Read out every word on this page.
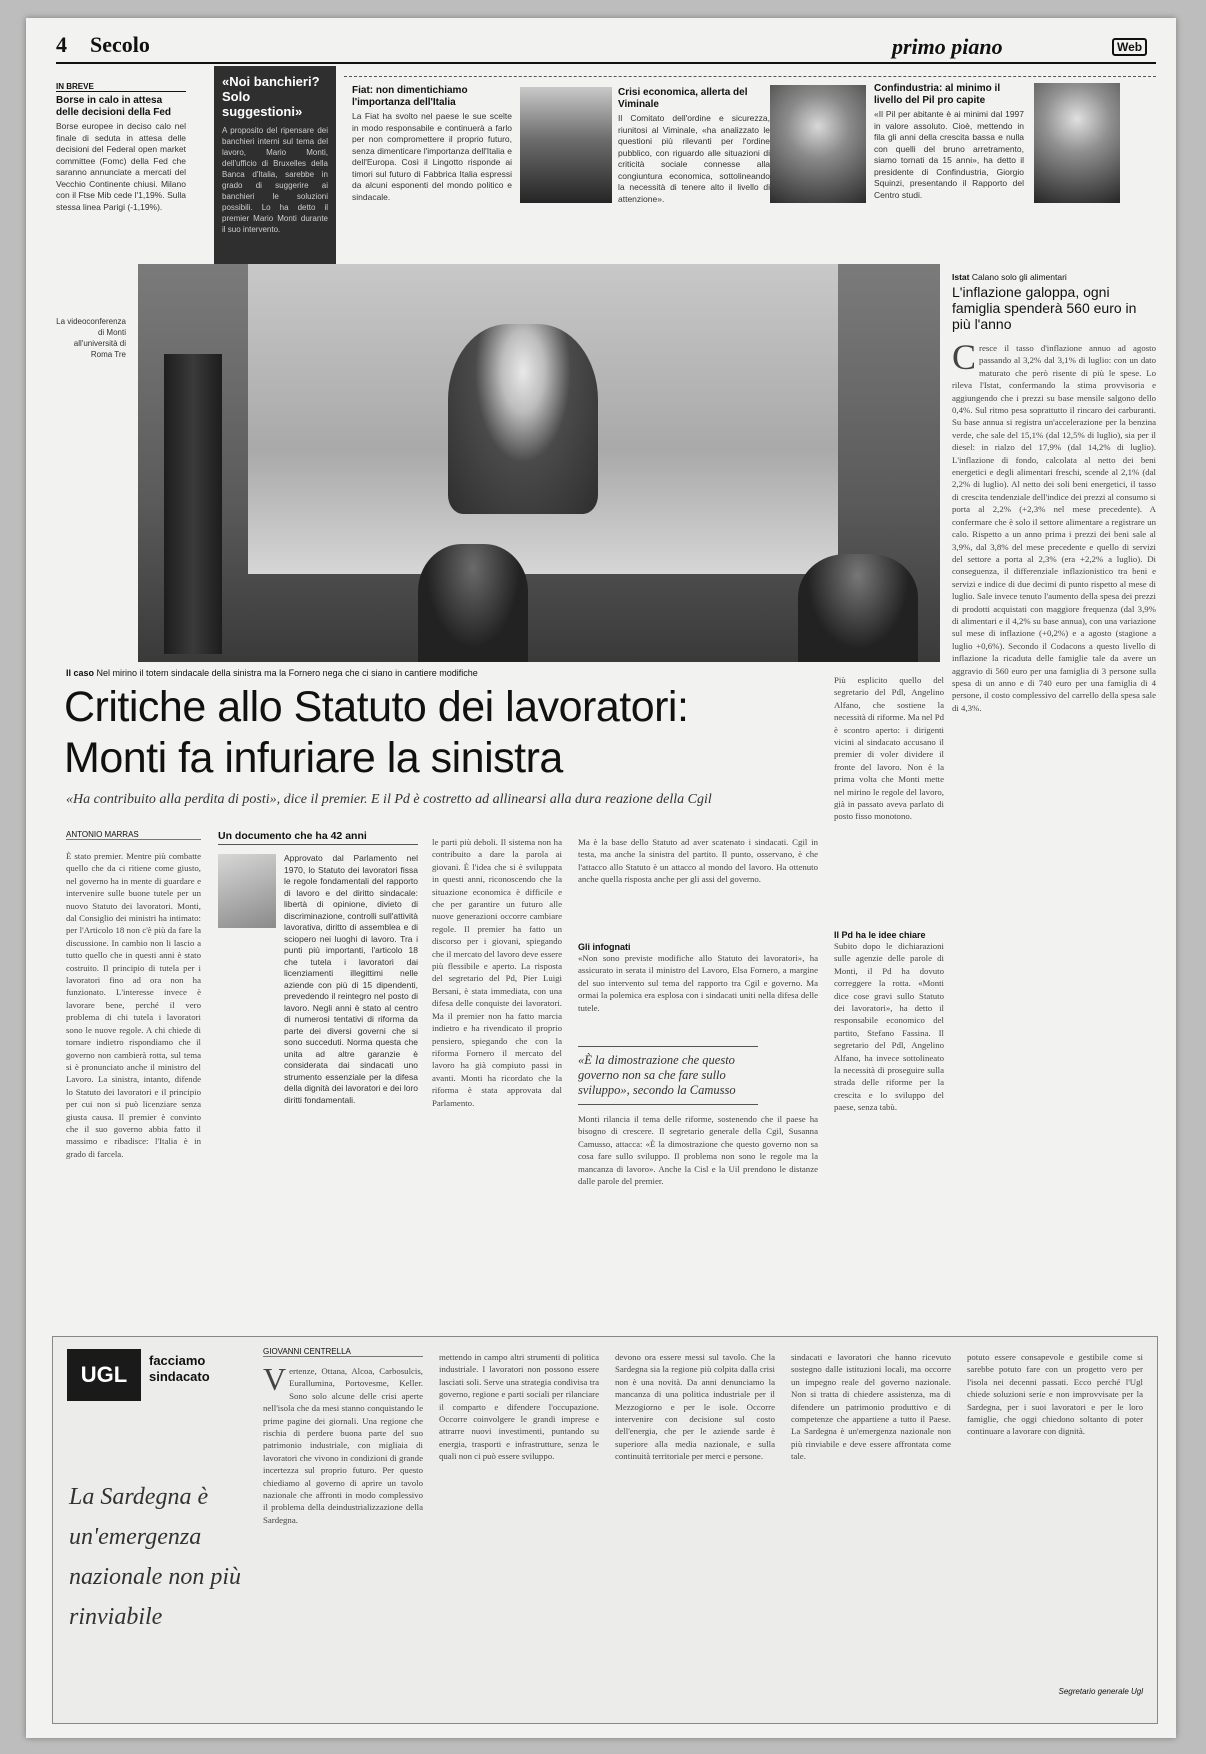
4 Secolo	primo piano	Web
IN BREVE
Borse in calo in attesa delle decisioni della Fed
Borse europee in deciso calo nel finale di seduta in attesa delle decisioni del Federal open market committee (Fomc) della Fed che saranno annunciate a mercati del Vecchio Continente chiusi. Milano con il Ftse Mib cede l'1,19%. Sulla stessa linea Parigi (-1,19%).
«Noi banchieri? Solo suggestioni»
A proposito del ripensare dei banchieri interni sul tema del lavoro, Mario Monti, dell'ufficio di Bruxelles della Banca d'Italia, sarebbe in grado di suggerire ai banchieri le soluzioni possibili. Lo ha detto il premier Mario Monti durante il suo intervento.
Fiat: non dimentichiamo l'importanza dell'Italia
La Fiat ha svolto nel paese le sue scelte in modo responsabile e continuerà a farlo per non compromettere il proprio futuro, senza dimenticare l'importanza dell'Italia e dell'Europa. Così il Lingotto risponde ai timori sul futuro di Fabbrica Italia espressi da alcuni esponenti del mondo politico e sindacale.
Crisi economica, allerta del Viminale
Il Comitato dell'ordine e sicurezza, riunitosi al Viminale, «ha analizzato le questioni più rilevanti per l'ordine pubblico, con riguardo alle situazioni di criticità sociale connesse alla congiuntura economica, sottolineando la necessità di tenere alto il livello di attenzione».
Confindustria: al minimo il livello del Pil pro capite
«Il Pil per abitante è ai minimi dal 1997 in valore assoluto. Cioè, mettendo in fila gli anni della crescita bassa e nulla con quelli del bruno arretramento, siamo tornati da 15 anni», ha detto il presidente di Confindustria, Giorgio Squinzi, presentando il Rapporto del Centro studi.
La videoconferenza di Monti all'università di Roma Tre
Istat Calano solo gli alimentari
L'inflazione galoppa, ogni famiglia spenderà 560 euro in più l'anno
C resce il tasso d'inflazione annuo ad agosto passando al 3,2% dal 3,1% di luglio: con un dato maturato che però risente di più le spese. Lo rileva l'Istat, confermando la stima provvisoria e aggiungendo che i prezzi su base mensile salgono dello 0,4%. Sul ritmo pesa soprattutto il rincaro dei carburanti. Su base annua si registra un'accelerazione per la benzina verde, che sale del 15,1% (dal 12,5% di luglio), sia per il diesel: in rialzo del 17,9% (dal 14,2% di luglio). L'inflazione di fondo, calcolata al netto dei beni energetici e degli alimentari freschi, scende al 2,1% (dal 2,2% di luglio). Al netto dei soli beni energetici, il tasso di crescita tendenziale dell'indice dei prezzi al consumo si porta al 2,2% (+2,3% nel mese precedente). A confermare che è solo il settore alimentare a registrare un calo. Rispetto a un anno prima i prezzi dei beni sale al 3,9%, dal 3,8% del mese precedente e quello di servizi del settore a porta al 2,3% (era +2,2% a luglio). Di conseguenza, il differenziale inflazionistico tra beni e servizi e indice di due decimi di punto rispetto al mese di luglio. Sale invece tenuto l'aumento della spesa dei prezzi di prodotti acquistati con maggiore frequenza (dal 3,9% di alimentari e il 4,2% su base annua), con una variazione sul mese di inflazione (+0,2%) e a agosto (stagione a luglio +0,6%). Secondo il Codacons a questo livello di inflazione la ricaduta delle famiglie tale da avere un aggravio di 560 euro per una famiglia di 3 persone sulla spesa di un anno e di 740 euro per una famiglia di 4 persone, il costo complessivo del carrello della spesa sale di 4,3%.
Il caso Nel mirino il totem sindacale della sinistra ma la Fornero nega che ci siano in cantiere modifiche
Critiche allo Statuto dei lavoratori:
Monti fa infuriare la sinistra
«Ha contribuito alla perdita di posti», dice il premier. E il Pd è costretto ad allinearsi alla dura reazione della Cgil
ANTONIO MARRAS
È stato premier. Mentre più combatte quello che da ci ritiene come giusto, nel governo ha in mente di guardare e intervenire sulle buone tutele per un nuovo Statuto dei lavoratori. Monti, dal Consiglio dei ministri ha intimato: per l'Articolo 18 non c'è più da fare la discussione. In cambio non li lascio a tutto quello che in questi anni è stato costruito. Il principio di tutela per i lavoratori fino ad ora non ha funzionato. L'interesse invece è lavorare bene, perché il vero problema di chi tutela i lavoratori sono le nuove regole. A chi chiede di tornare indietro rispondiamo che il governo non cambierà rotta, sul tema si è pronunciato anche il ministro del Lavoro. La sinistra, intanto, difende lo Statuto dei lavoratori e il principio per cui non si può licenziare senza giusta causa. Il premier è convinto che il suo governo abbia fatto il massimo e ribadisce: l'Italia è in grado di farcela.
Un documento che ha 42 anni
Approvato dal Parlamento nel 1970, lo Statuto dei lavoratori fissa le regole fondamentali del rapporto di lavoro e del diritto sindacale: libertà di opinione, divieto di discriminazione, controlli sull'attività lavorativa, diritto di assemblea e di sciopero nei luoghi di lavoro. Tra i punti più importanti, l'articolo 18 che tutela i lavoratori dai licenziamenti illegittimi nelle aziende con più di 15 dipendenti, prevedendo il reintegro nel posto di lavoro. Negli anni è stato al centro di numerosi tentativi di riforma da parte dei diversi governi che si sono succeduti. Norma questa che unita ad altre garanzie è considerata dai sindacati uno strumento essenziale per la difesa della dignità dei lavoratori e dei loro diritti fondamentali.
le parti più deboli. Il sistema non ha contribuito a dare la parola ai giovani. È l'idea che si è sviluppata in questi anni, riconoscendo che la situazione economica è difficile e che per garantire un futuro alle nuove generazioni occorre cambiare regole. Il premier ha fatto un discorso per i giovani, spiegando che il mercato del lavoro deve essere più flessibile e aperto. La risposta del segretario del Pd, Pier Luigi Bersani, è stata immediata, con una difesa delle conquiste dei lavoratori. Ma il premier non ha fatto marcia indietro e ha rivendicato il proprio pensiero, spiegando che con la riforma Fornero il mercato del lavoro ha già compiuto passi in avanti. Monti ha ricordato che la riforma è stata approvata dal Parlamento.
Ma è la base dello Statuto ad aver scatenato i sindacati. Cgil in testa, ma anche la sinistra del partito. Il punto, osservano, è che l'attacco allo Statuto è un attacco al mondo del lavoro. Ha ottenuto anche quella risposta anche per gli assi del governo.
Gli infognati
«Non sono previste modifiche allo Statuto dei lavoratori», ha assicurato in serata il ministro del Lavoro, Elsa Fornero, a margine del suo intervento sul tema del rapporto tra Cgil e governo. Ma ormai la polemica era esplosa con i sindacati uniti nella difesa delle tutele.
«È la dimostrazione che questo governo non sa che fare sullo sviluppo», secondo la Camusso
Monti rilancia il tema delle riforme, sostenendo che il paese ha bisogno di crescere. Il segretario generale della Cgil, Susanna Camusso, attacca: «È la dimostrazione che questo governo non sa cosa fare sullo sviluppo. Il problema non sono le regole ma la mancanza di lavoro». Anche la Cisl e la Uil prendono le distanze dalle parole del premier.
Più esplicito quello del segretario del Pdl, Angelino Alfano, che sostiene la necessità di riforme. Ma nel Pd è scontro aperto: i dirigenti vicini al sindacato accusano il premier di voler dividere il fronte del lavoro. Non è la prima volta che Monti mette nel mirino le regole del lavoro, già in passato aveva parlato di posto fisso monotono.
Il Pd ha le idee chiare
Subito dopo le dichiarazioni sulle agenzie delle parole di Monti, il Pd ha dovuto correggere la rotta. «Monti dice cose gravi sullo Statuto dei lavoratori», ha detto il responsabile economico del partito, Stefano Fassina. Il segretario del Pdl, Angelino Alfano, ha invece sottolineato la necessità di proseguire sulla strada delle riforme per la crescita e lo sviluppo del paese, senza tabù.
UGL
facciamo
sindacato
La Sardegna è un'emergenza nazionale non più rinviabile
GIOVANNI CENTRELLA
V ertenze, Ottana, Alcoa, Carbosulcis, Eurallumina, Portovesme, Keller. Sono solo alcune delle crisi aperte nell'isola che da mesi stanno conquistando le prime pagine dei giornali. Una regione che rischia di perdere buona parte del suo patrimonio industriale, con migliaia di lavoratori che vivono in condizioni di grande incertezza sul proprio futuro. Per questo chiediamo al governo di aprire un tavolo nazionale che affronti in modo complessivo il problema della deindustrializzazione della Sardegna.
mettendo in campo altri strumenti di politica industriale. I lavoratori non possono essere lasciati soli. Serve una strategia condivisa tra governo, regione e parti sociali per rilanciare il comparto e difendere l'occupazione. Occorre coinvolgere le grandi imprese e attrarre nuovi investimenti, puntando su energia, trasporti e infrastrutture, senza le quali non ci può essere sviluppo.
devono ora essere messi sul tavolo. Che la Sardegna sia la regione più colpita dalla crisi non è una novità. Da anni denunciamo la mancanza di una politica industriale per il Mezzogiorno e per le isole. Occorre intervenire con decisione sul costo dell'energia, che per le aziende sarde è superiore alla media nazionale, e sulla continuità territoriale per merci e persone.
sindacati e lavoratori che hanno ricevuto sostegno dalle istituzioni locali, ma occorre un impegno reale del governo nazionale. Non si tratta di chiedere assistenza, ma di difendere un patrimonio produttivo e di competenze che appartiene a tutto il Paese. La Sardegna è un'emergenza nazionale non più rinviabile e deve essere affrontata come tale.
potuto essere consapevole e gestibile come si sarebbe potuto fare con un progetto vero per l'isola nei decenni passati. Ecco perché l'Ugl chiede soluzioni serie e non improvvisate per la Sardegna, per i suoi lavoratori e per le loro famiglie, che oggi chiedono soltanto di poter continuare a lavorare con dignità.
Segretario generale Ugl
